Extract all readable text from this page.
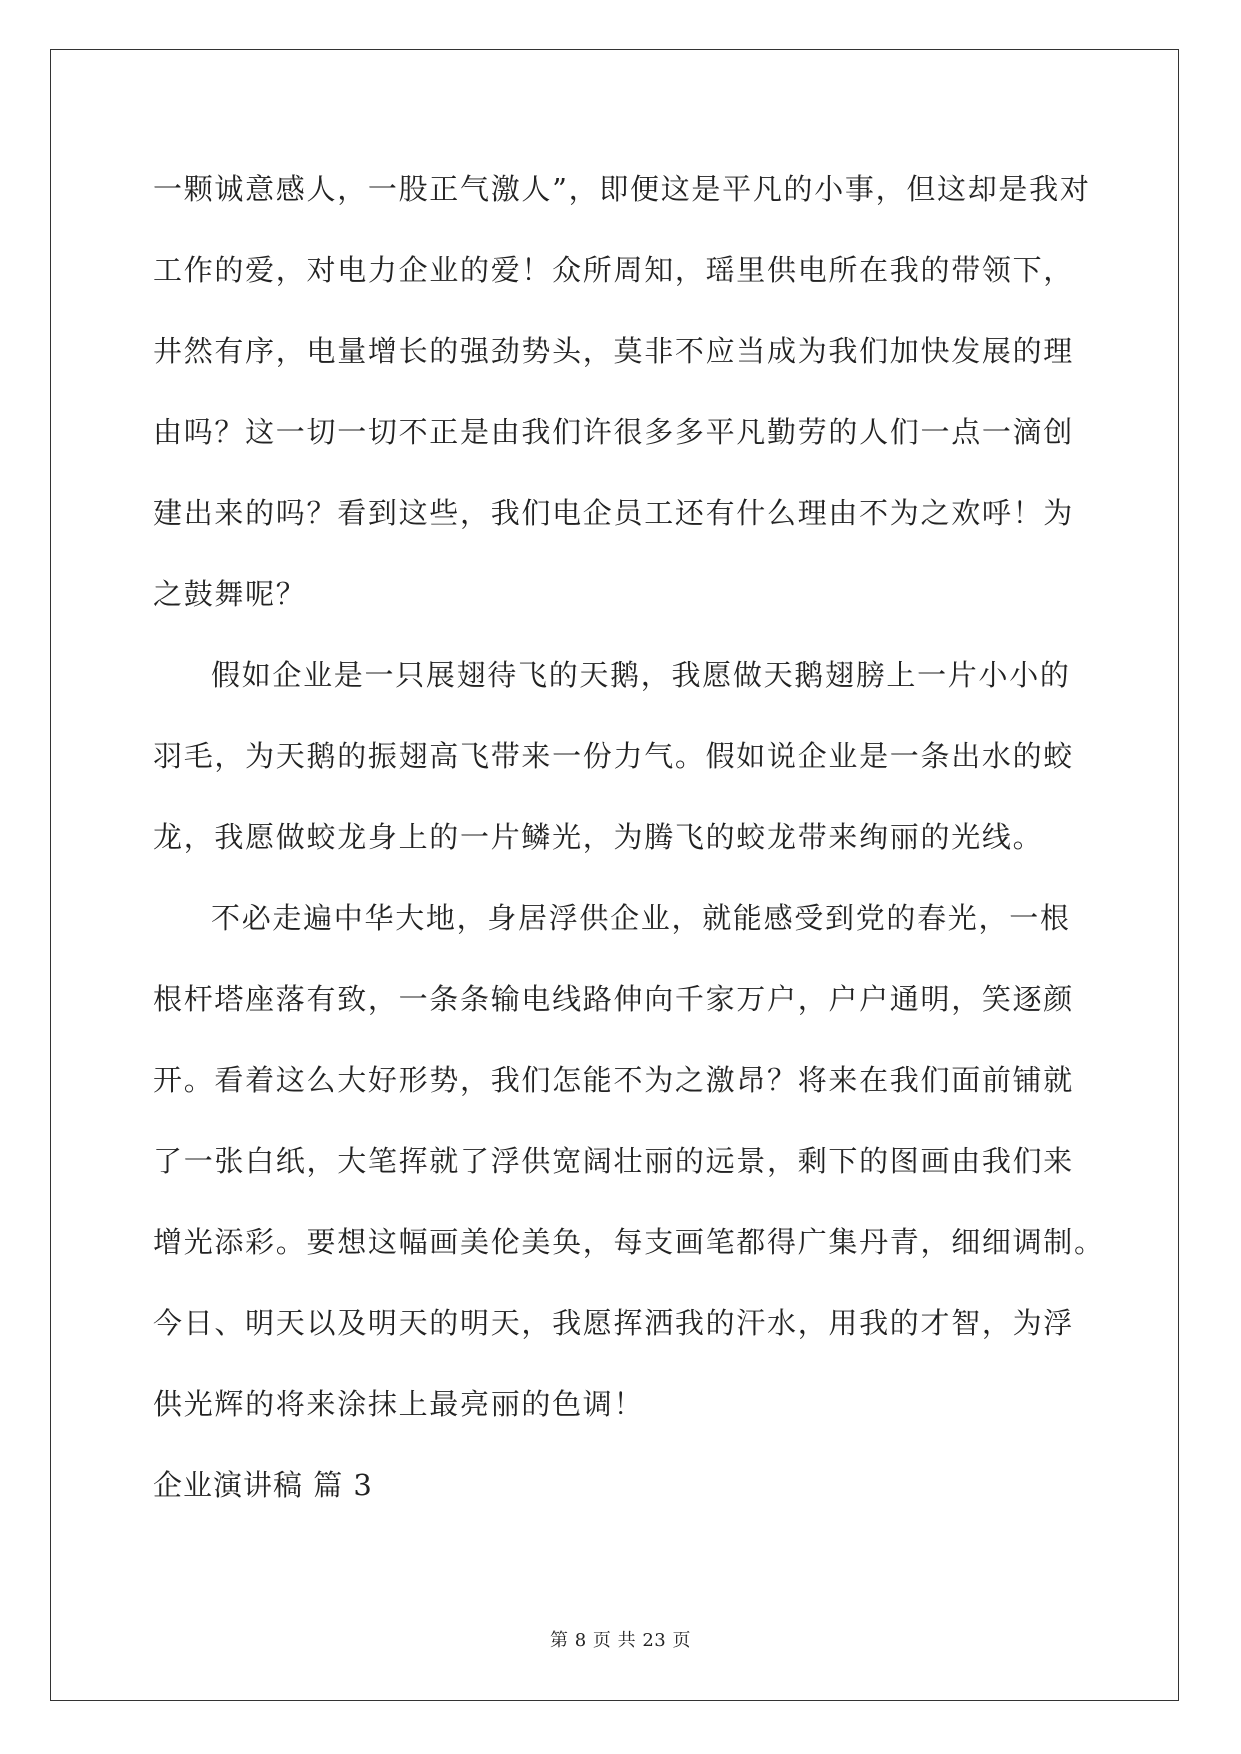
一颗诚意感人，一股正气激人”，即便这是平凡的小事，但这却是我对
工作的爱，对电力企业的爱！众所周知，瑶里供电所在我的带领下，
井然有序，电量增长的强劲势头，莫非不应当成为我们加快发展的理
由吗？这一切一切不正是由我们许很多多平凡勤劳的人们一点一滴创
建出来的吗？看到这些，我们电企员工还有什么理由不为之欢呼！为
之鼓舞呢？
假如企业是一只展翅待飞的天鹅，我愿做天鹅翅膀上一片小小的
羽毛，为天鹅的振翅高飞带来一份力气。假如说企业是一条出水的蛟
龙，我愿做蛟龙身上的一片鳞光，为腾飞的蛟龙带来绚丽的光线。
不必走遍中华大地，身居浮供企业，就能感受到党的春光，一根
根杆塔座落有致，一条条输电线路伸向千家万户，户户通明，笑逐颜
开。看着这么大好形势，我们怎能不为之激昂？将来在我们面前铺就
了一张白纸，大笔挥就了浮供宽阔壮丽的远景，剩下的图画由我们来
增光添彩。要想这幅画美伦美奂，每支画笔都得广集丹青，细细调制。
今日、明天以及明天的明天，我愿挥洒我的汗水，用我的才智，为浮
供光辉的将来涂抹上最亮丽的色调！
企业演讲稿 篇 3
第 8 页 共 23 页
